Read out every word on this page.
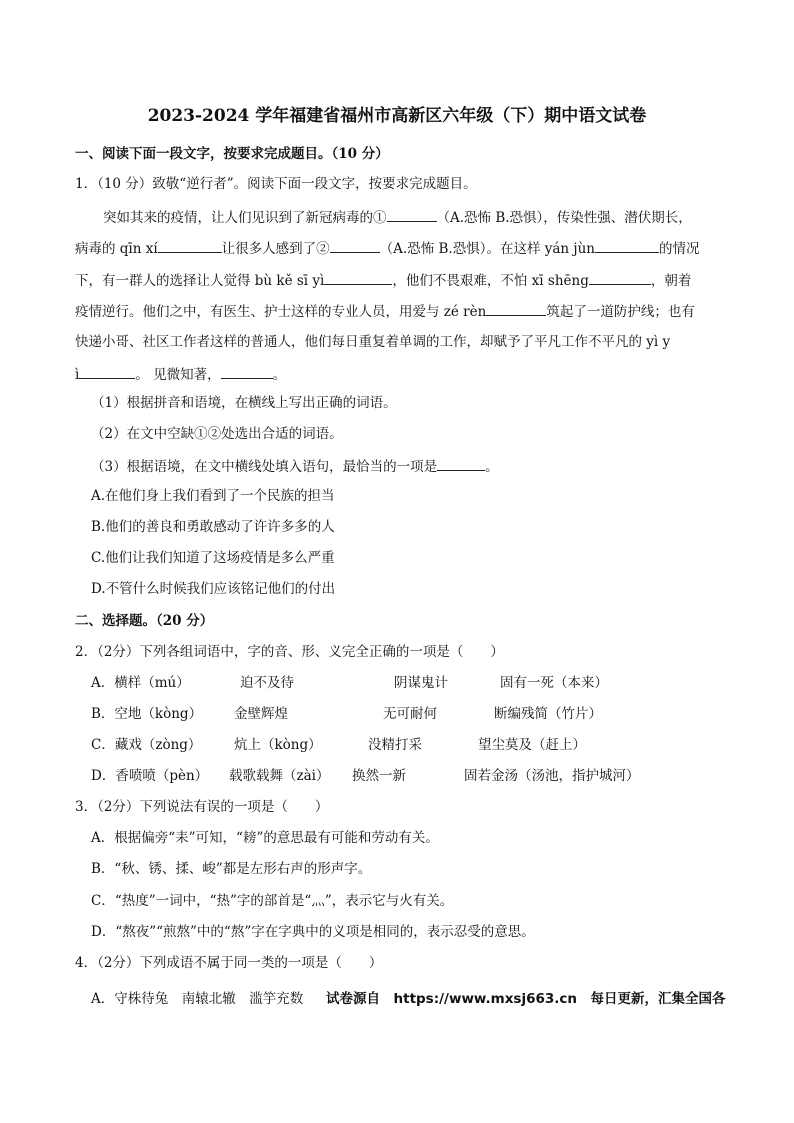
2023-2024 学年福建省福州市高新区六年级（下）期中语文试卷
一、阅读下面一段文字，按要求完成题目。（10 分）
1．（10 分）致敬“逆行者”。阅读下面一段文字，按要求完成题目。
突如其来的疫情，让人们见识到了新冠病毒的①	（A.恐怖 B.恐惧），传染性强、潜伏期长，
病毒的 qīn xí	让很多人感到了②	（A.恐怖 B.恐惧）。在这样 yán jùn	的情况
下，有一群人的选择让人觉得 bù kě sī yì	，他们不畏艰难，不怕 xī shēng	，朝着
疫情逆行。他们之中，有医生、护士这样的专业人员，用爱与 zé rèn	筑起了一道防护线；也有
快递小哥、社区工作者这样的普通人，他们每日重复着单调的工作，却赋予了平凡工作不平凡的 yì y
ì	。 见微知著，	。
（1）根据拼音和语境，在横线上写出正确的词语。
（2）在文中空缺①②处选出合适的词语。
（3）根据语境，在文中横线处填入语句，最恰当的一项是	。
A.在他们身上我们看到了一个民族的担当
B.他们的善良和勇敢感动了许许多多的人
C.他们让我们知道了这场疫情是多么严重
D.不管什么时候我们应该铭记他们的付出
二、选择题。（20 分）
2．（2分）下列各组词语中，字的音、形、义完全正确的一项是（　　）
A．横样（mú）	迫不及待	阴谋鬼计	固有一死（本来）
B．空地（kòng） 金壁辉煌	无可耐何	断编残简（竹片）
C．藏戏（zòng） 炕上（kòng）	没精打采	望尘莫及（赶上）
D．香喷喷（pèn） 载歌载舞（zài） 换然一新	固若金汤（汤池，指护城河）
3．（2分）下列说法有误的一项是（　　）
A．根据偏旁“耒”可知，“耪”的意思最有可能和劳动有关。
B．“秋、锈、揉、峻”都是左形右声的形声字。
C．“热度”一词中，“热”字的部首是“灬”，表示它与火有关。
D．“熬夜”“煎熬”中的“熬”字在字典中的义项是相同的，表示忍受的意思。
4．（2分）下列成语不属于同一类的一项是（　　）
A．守株待兔　南辕北辙　滥竽充数 试卷源自　https://www.mxsj663.cn　每日更新，汇集全国各
